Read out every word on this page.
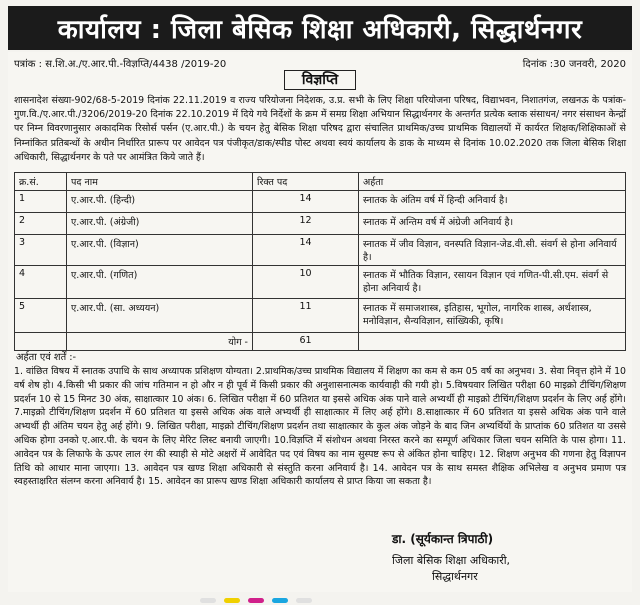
कार्यालय : जिला बेसिक शिक्षा अधिकारी, सिद्धार्थनगर
पत्रांक : स.शि.अ./ए.आर.पी.-विज्ञप्ति/4438 /2019-20	दिनांक :30 जनवरी, 2020
विज्ञप्ति

शासनादेश संख्या-902/68-5-2019 दिनांक 22.11.2019 व राज्य परियोजना निदेशक, उ.प्र. सभी के लिए शिक्षा परियोजना परिषद, विद्याभवन, निशातगंज, लखनऊ के पत्रांक-गुण.वि./ए.आर.पी./3206/2019-20 दिनांक 22.10.2019 में दिये गये निर्देशों के क्रम में समग्र शिक्षा अभियान सिद्धार्थनगर के अन्तर्गत प्रत्येक ब्लाक संसाधन/ नगर संसाधन केन्द्रों पर निम्न विवरणानुसार अकादमिक रिसोर्स पर्सन (ए.आर.पी.) के चयन हेतु बेसिक शिक्षा परिषद द्वारा संचालित प्राथमिक/उच्च प्राथमिक विद्यालयों में कार्यरत शिक्षक/शिक्षिकाओं से निम्नांकित प्रतिबन्धों के अधीन निर्धारित प्रारूप पर आवेदन पत्र पंजीकृत/डाक/स्पीड पोस्ट अथवा स्वयं कार्यालय के डाक के माध्यम से दिनांक 10.02.2020 तक जिला बेसिक शिक्षा अधिकारी, सिद्धार्थनगर के पते पर आमंत्रित किये जाते हैं।

क्र.सं.	पद नाम	रिक्त पद	अर्हता
1	ए.आर.पी. (हिन्दी)	14	स्नातक के अंतिम वर्ष में हिन्दी अनिवार्य है।
2	ए.आर.पी. (अंग्रेजी)	12	स्नातक में अन्तिम वर्ष में अंग्रेजी अनिवार्य है।
3	ए.आर.पी. (विज्ञान)	14	स्नातक में जीव विज्ञान, वनस्पति विज्ञान-जेड.वी.सी. संवर्ग से होना अनिवार्य है।
4	ए.आर.पी. (गणित)	10	स्नातक में भौतिक विज्ञान, रसायन विज्ञान एवं गणित-पी.सी.एम. संवर्ग से होना अनिवार्य है।
5	ए.आर.पी. (सा. अध्ययन)	11	स्नातक में समाजशास्त्र, इतिहास, भूगोल, नागरिक शास्त्र, अर्थशास्त्र, मनोविज्ञान, सैन्यविज्ञान, सांख्यिकी, कृषि।
	योग -	61	
अर्हता एवं शर्तें :-

1. वांछित विषय में स्नातक उपाधि के साथ अध्यापक प्रशिक्षण योग्यता। 2.प्राथमिक/उच्च प्राथमिक विद्यालय में शिक्षण का कम से कम 05 वर्ष का अनुभव। 3. सेवा निवृत्त होने में 10 वर्ष शेष हो। 4.किसी भी प्रकार की जांच गतिमान न हो और न ही पूर्व में किसी प्रकार की अनुशासनात्मक कार्यवाही की गयी हो। 5.विषयवार लिखित परीक्षा 60 माइक्रो टीचिंग/शिक्षण प्रदर्शन 10 से 15 मिनट 30 अंक, साक्षात्कार 10 अंक। 6. लिखित परीक्षा में 60 प्रतिशत या इससे अधिक अंक पाने वाले अभ्यर्थी ही माइक्रो टीचिंग/शिक्षण प्रदर्शन के लिए अर्ह होंगे। 7.माइक्रो टीचिंग/शिक्षण प्रदर्शन में 60 प्रतिशत या इससे अधिक अंक वाले अभ्यर्थी ही साक्षात्कार में लिए अर्ह होंगे। 8.साक्षात्कार में 60 प्रतिशत या इससे अधिक अंक पाने वाले अभ्यर्थी ही अंतिम चयन हेतु अर्ह होंगे। 9. लिखित परीक्षा, माइक्रो टीचिंग/शिक्षण प्रदर्शन तथा साक्षात्कार के कुल अंक जोड़ने के बाद जिन अभ्यर्थियों के प्राप्तांक 60 प्रतिशत या उससे अधिक होगा उनको ए.आर.पी. के चयन के लिए मेरिट लिस्ट बनायी जाएगी। 10.विज्ञप्ति में संशोधन अथवा निरस्त करने का सम्पूर्ण अधिकार जिला चयन समिति के पास होगा। 11. आवेदन पत्र के लिफाफे के ऊपर लाल रंग की स्याही से मोटे अक्षरों में आवेदित पद एवं विषय का नाम सुस्पष्ट रूप से अंकित होना चाहिए। 12. शिक्षण अनुभव की गणना हेतु विज्ञापन तिथि को आधार माना जाएगा। 13. आवेदन पत्र खण्ड शिक्षा अधिकारी से संस्तुति करना अनिवार्य है। 14. आवेदन पत्र के साथ समस्त शैक्षिक अभिलेख व अनुभव प्रमाण पत्र स्वहस्ताक्षरित संलग्न करना अनिवार्य है। 15. आवेदन का प्रारूप खण्ड शिक्षा अधिकारी कार्यालय से प्राप्त किया जा सकता है।

डा. (सूर्यकान्त त्रिपाठी)
जिला बेसिक शिक्षा अधिकारी,
सिद्धार्थनगर
